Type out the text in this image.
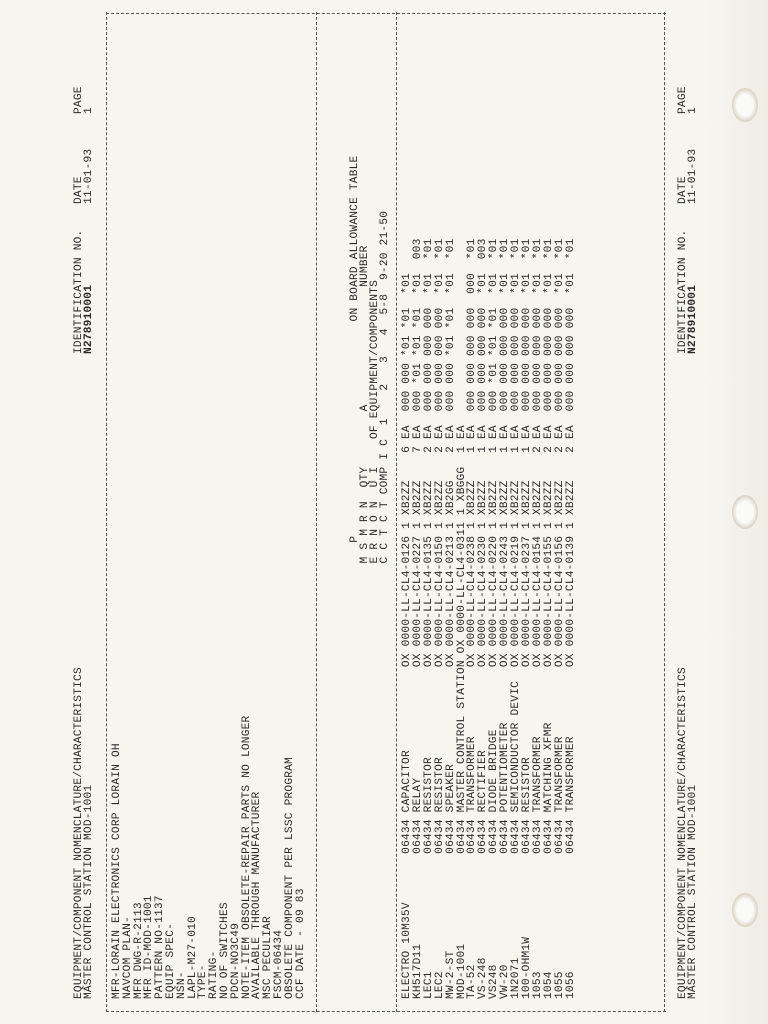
EQUIPMENT/COMPONENT NOMENCLATURE/CHARACTERISTICS
MASTER CONTROL STATION MOD-1001
IDENTIFICATION NO.
DATE
PAGE
N278910001
11-01-93
1
MFR-LORAIN ELECTRONICS CORP LORAIN OH
NAVCOM PLAN-
MFR DWG-R-2113
MFR ID-MOD-1001
PATTERN NO-1137
EQUIP SPEC-
NSN-
LAPL-M27-010
TYPE-
RATING-
NO OF SWITCHES
PDCN-NO3C49
NOTE-ITEM OBSOLETE-REPAIR PARTS NO LONGER
AVAILABLE THROUGH MANUFACTURER
MSC PECULIAR
FSCM-06434
OBSOLETE COMPONENT PER LSSC PROGRAM
CCF DATE - 09 83	P                               ON BOARD ALLOWANCE TABLE
M S M R N  QTY        A                 NUMBER
E R N O N  U I    OF EQUIPMENT/COMPONENTS
C C T C T COMP I C  1    2   3   4  5-8  9-20 21-50 ELECTRO 10M35V       06434 CAPACITOR            OX 0000-LL-CL4-0126 1 XB2ZZ    6 EA  000 000 *01 *01  *01
KH517D11             06434 RELAY                OX 0000-LL-CL4-0227 1 XB2ZZ    7 EA  000 *01 *01 *01  *01  003
LEC1                 06434 RESISTOR             OX 0000-LL-CL4-0135 1 XB2ZZ    2 EA  000 000 000 000  *01  *01
LEC2                 06434 RESISTOR             OX 0000-LL-CL4-0150 1 XB2ZZ    2 EA  000 000 000 000  *01  *01
MW-2-ST              06434 SPEAKER              OX 0000-LL-CL4-0213 1 XB2GG    2 EA  000 000 *01 *01  *01  *01
MOD-1001             06434 MASTER CONTROL STATION OX 0000-LL-CL4-0311 1 XBGGG  1 EA
TA-52                06434 TRANSFORMER          OX 0000-LL-CL4-0238 1 XB2ZZ    1 EA  000 000 000 000  000  *01
VS-248               06434 RECTIFIER            OX 0000-LL-CL4-0230 1 XB2ZZ    1 EA  000 000 000 000  *01  003
VS248                06434 DIODE BRIDGE         OX 0000-LL-CL4-0220 1 XB2ZZ    1 EA  000 *01 *01 *01  *01  *01
VW-20                06434 POTENTIOMETER        OX 0000-LL-CL4-0243 1 XB2ZZ    1 EA  000 000 000 000  *01  *01
1N2071               06434 SEMICONDUCTOR DEVIC  OX 0000-LL-CL4-0219 1 XB2ZZ    1 EA  000 000 000 000  *01  *01
100-OHM1W            06434 RESISTOR             OX 0000-LL-CL4-0237 1 XB2ZZ    1 EA  000 000 000 000  *01  *01
1053                 06434 TRANSFORMER          OX 0000-LL-CL4-0154 1 XB2ZZ    2 EA  000 000 000 000  *01  *01
1054                 06434 MATCHING XFMR        OX 0000-LL-CL4-0155 1 XB2ZZ    2 EA  000 000 000 000  *01  *01
1055                 06434 TRANSFORMER          OX 0000-LL-CL4-0156 1 XB2ZZ    2 EA  000 000 000 000  *01  *01
1056                 06434 TRANSFORMER          OX 0000-LL-CL4-0139 1 XB2ZZ    2 EA  000 000 000 000  *01  *01	EQUIPMENT/COMPONENT NOMENCLATURE/CHARACTERISTICS
MASTER CONTROL STATION MOD-1001
IDENTIFICATION NO.
DATE
PAGE
N278910001
11-01-93
1
